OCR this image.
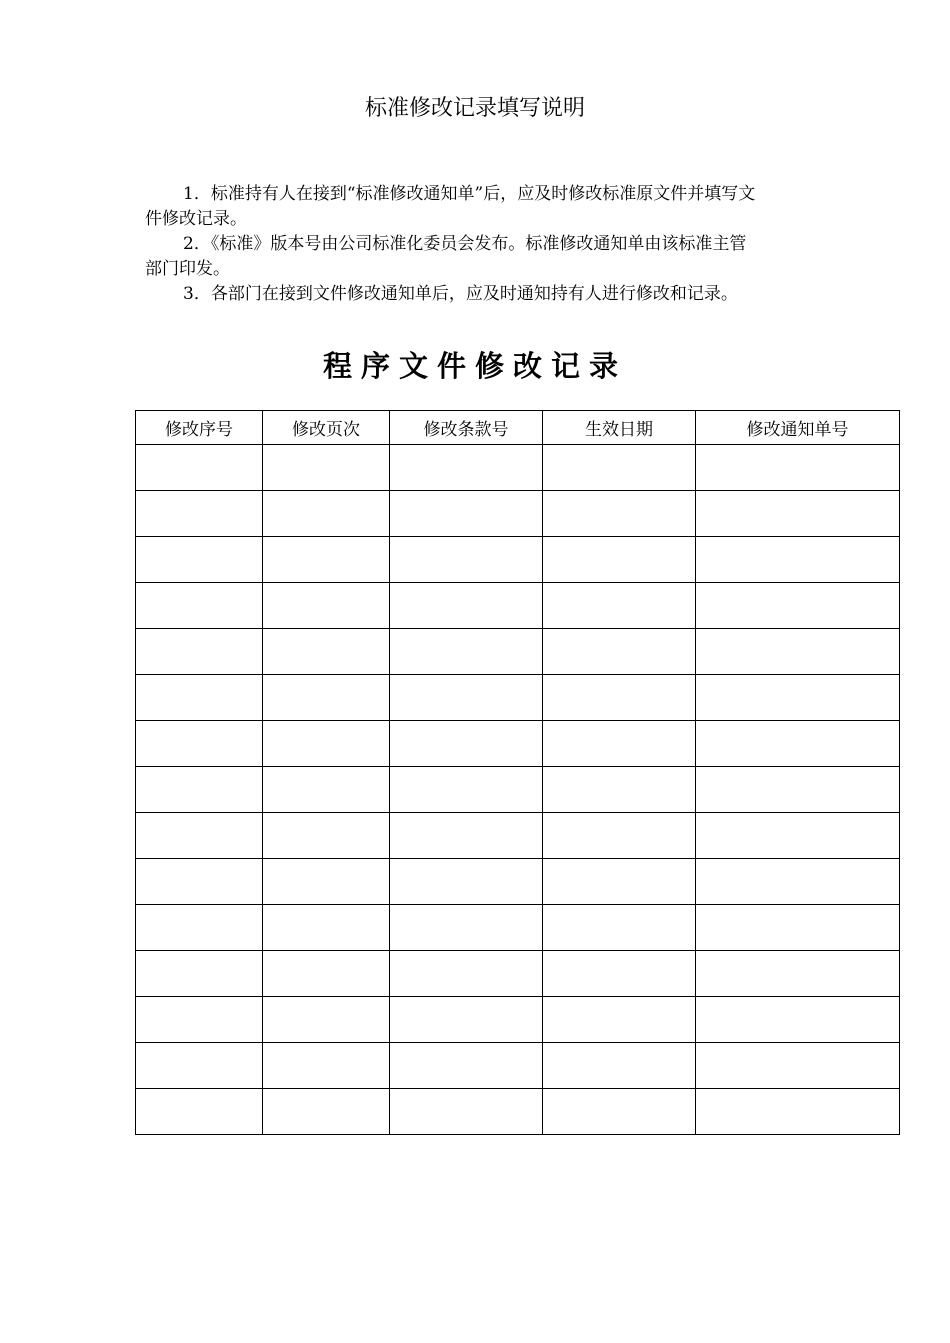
标准修改记录填写说明

1．标准持有人在接到“标准修改通知单”后，应及时修改标准原文件并填写文件修改记录。

2．《标准》版本号由公司标准化委员会发布。标准修改通知单由该标准主管部门印发。

3．各部门在接到文件修改通知单后，应及时通知持有人进行修改和记录。

程序文件修改记录
修改序号	修改页次	修改条款号	生效日期	修改通知单号
